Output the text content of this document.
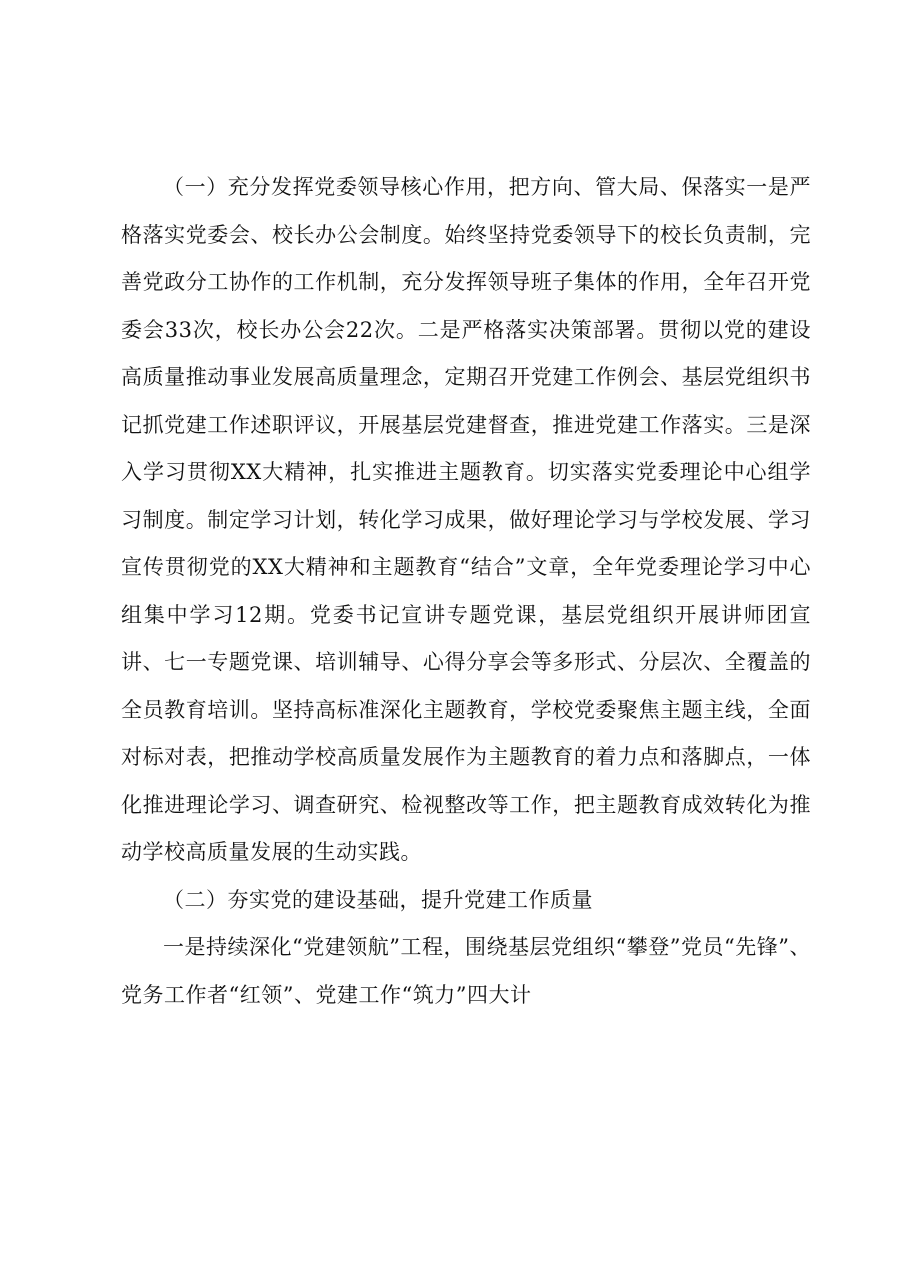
（一）充分发挥党委领导核心作用，把方向、管大局、保落实一是严格落实党委会、校长办公会制度。始终坚持党委领导下的校长负责制，完善党政分工协作的工作机制，充分发挥领导班子集体的作用，全年召开党委会33次，校长办公会22次。二是严格落实决策部署。贯彻以党的建设高质量推动事业发展高质量理念，定期召开党建工作例会、基层党组织书记抓党建工作述职评议，开展基层党建督查，推进党建工作落实。三是深入学习贯彻XX大精神，扎实推进主题教育。切实落实党委理论中心组学习制度。制定学习计划，转化学习成果，做好理论学习与学校发展、学习宣传贯彻党的XX大精神和主题教育“结合”文章，全年党委理论学习中心组集中学习12期。党委书记宣讲专题党课，基层党组织开展讲师团宣讲、七一专题党课、培训辅导、心得分享会等多形式、分层次、全覆盖的全员教育培训。坚持高标准深化主题教育，学校党委聚焦主题主线，全面对标对表，把推动学校高质量发展作为主题教育的着力点和落脚点，一体化推进理论学习、调查研究、检视整改等工作，把主题教育成效转化为推动学校高质量发展的生动实践。

（二）夯实党的建设基础，提升党建工作质量

一是持续深化“党建领航”工程，围绕基层党组织“攀登”党员“先锋”、党务工作者“红领”、党建工作“筑力”四大计
